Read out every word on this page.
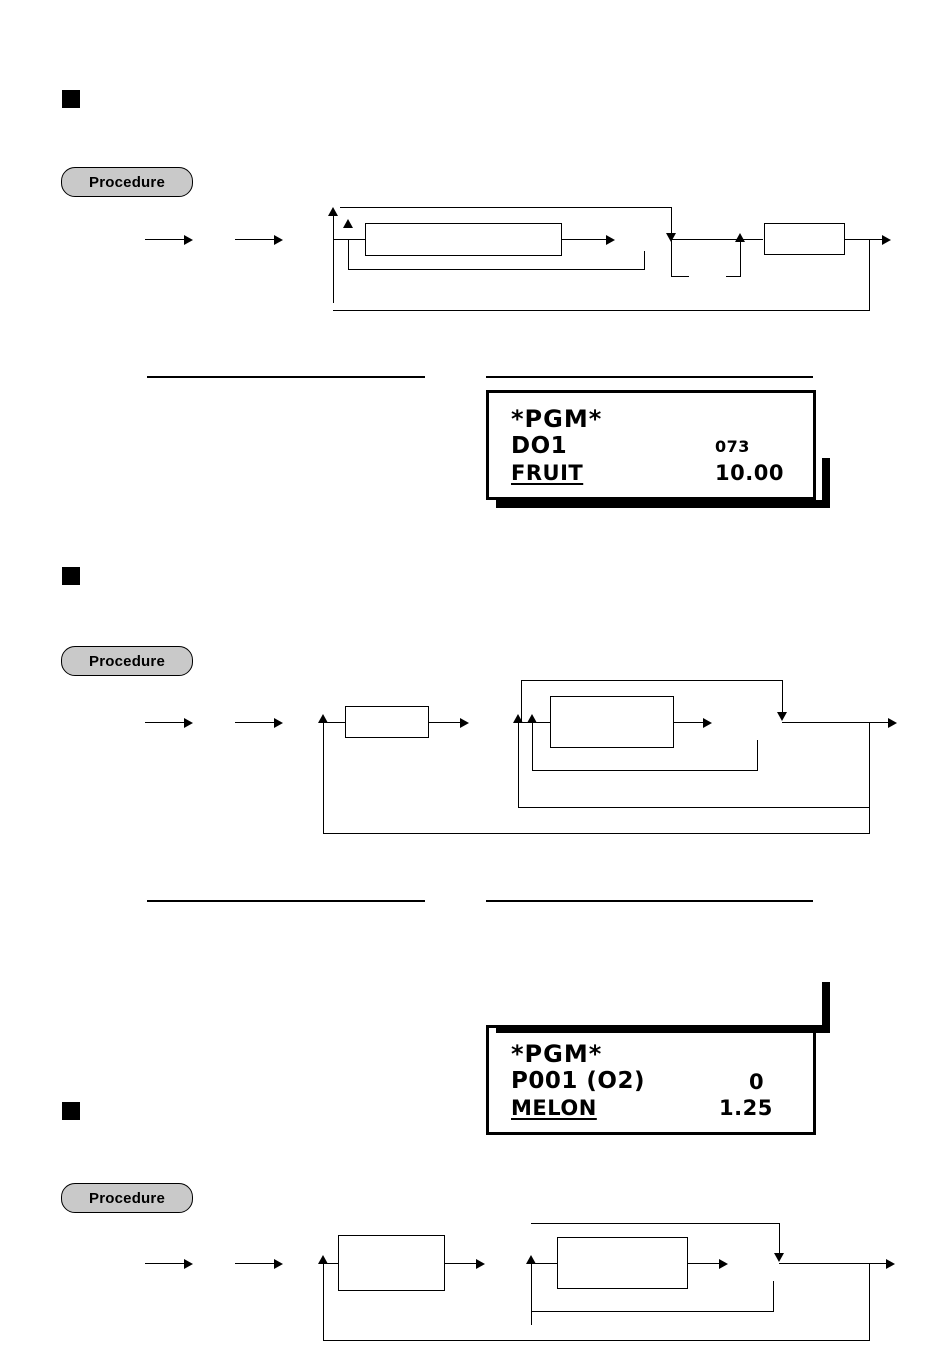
Procedure
*PGM*
DO1	073
FRUIT	10.00
Procedure
*PGM*
P001 (O2)	0
MELON	1.25
Procedure
